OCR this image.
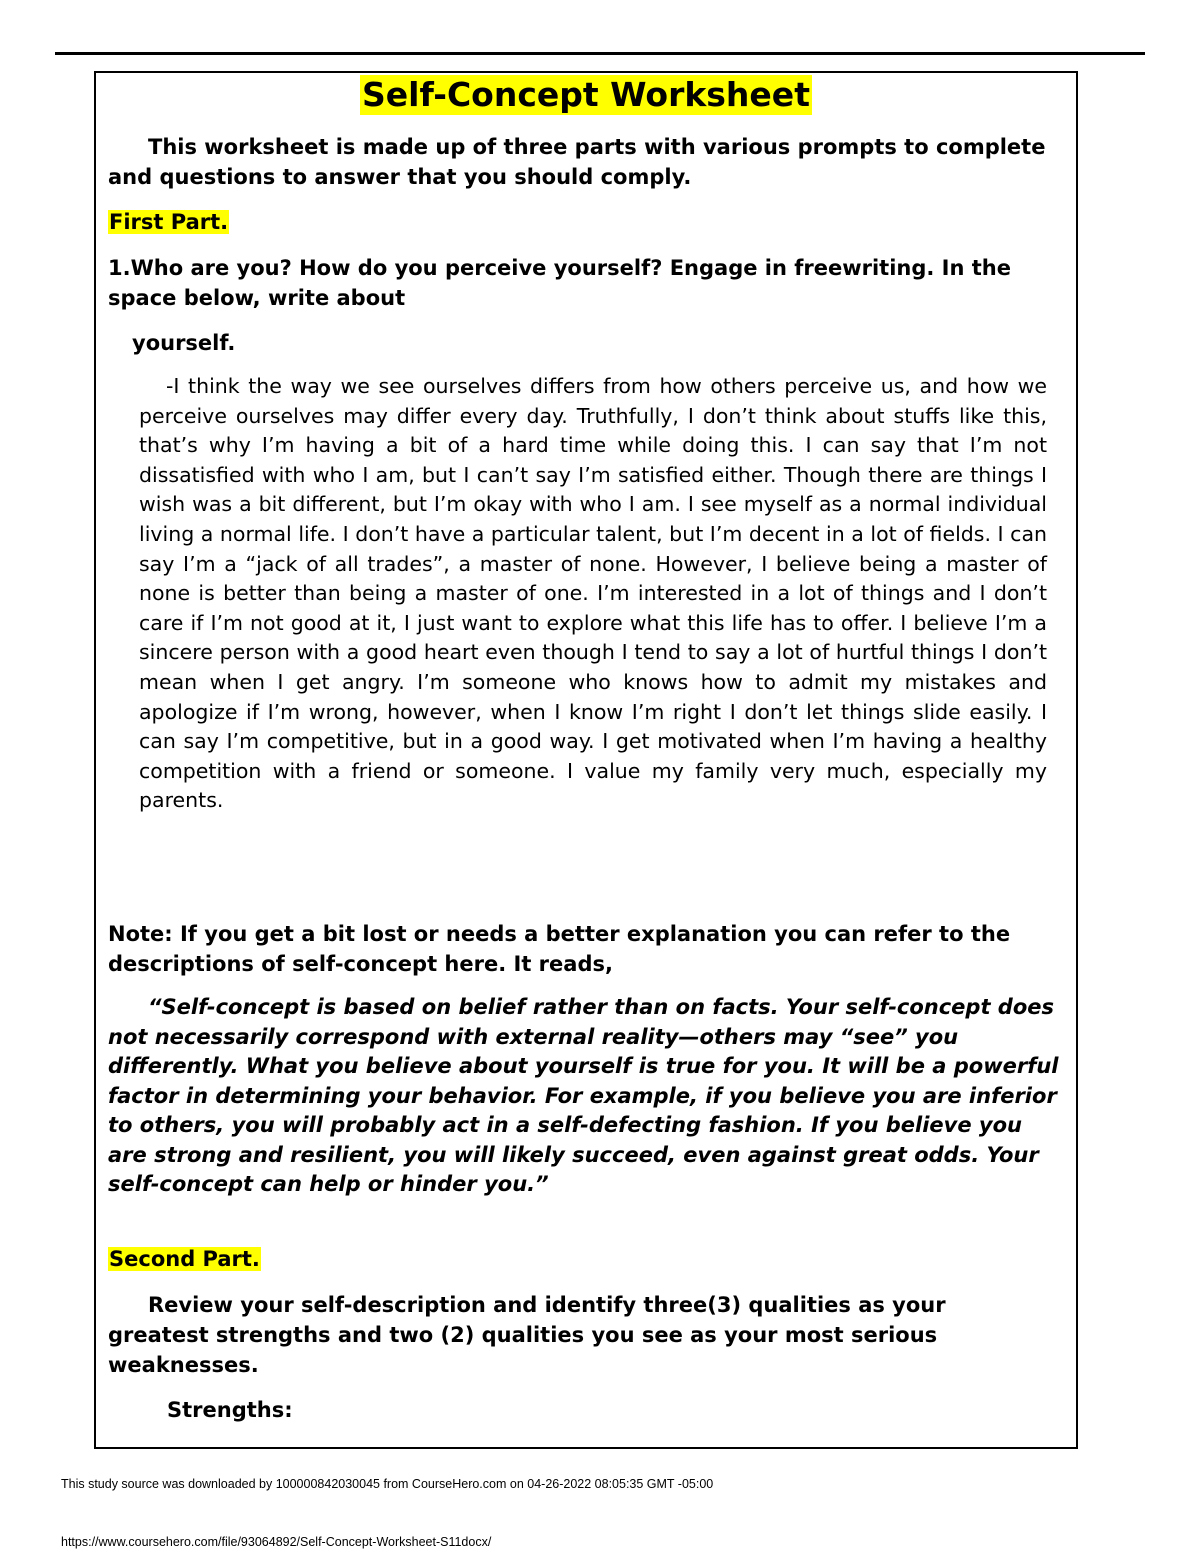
Self-Concept Worksheet

This worksheet is made up of three parts with various prompts to complete and questions to answer that you should comply.

First Part.

1.Who are you? How do you perceive yourself? Engage in freewriting. In the space below, write about

yourself.

-I think the way we see ourselves differs from how others perceive us, and how we perceive ourselves may differ every day. Truthfully, I don’t think about stuffs like this, that’s why I’m having a bit of a hard time while doing this. I can say that I’m not dissatisfied with who I am, but I can’t say I’m satisfied either. Though there are things I wish was a bit different, but I’m okay with who I am. I see myself as a normal individual living a normal life. I don’t have a particular talent, but I’m decent in a lot of fields. I can say I’m a “jack of all trades”, a master of none. However, I believe being a master of none is better than being a master of one. I’m interested in a lot of things and I don’t care if I’m not good at it, I just want to explore what this life has to offer. I believe I’m a sincere person with a good heart even though I tend to say a lot of hurtful things I don’t mean when I get angry. I’m someone who knows how to admit my mistakes and apologize if I’m wrong, however, when I know I’m right I don’t let things slide easily. I can say I’m competitive, but in a good way. I get motivated when I’m having a healthy competition with a friend or someone. I value my family very much, especially my parents.

Note: If you get a bit lost or needs a better explanation you can refer to the descriptions of self-concept here. It reads,

“Self-concept is based on belief rather than on facts. Your self-concept does not necessarily correspond with external reality—others may “see” you differently. What you believe about yourself is true for you. It will be a powerful factor in determining your behavior. For example, if you believe you are inferior to others, you will probably act in a self-defecting fashion. If you believe you are strong and resilient, you will likely succeed, even against great odds. Your self-concept can help or hinder you.”

Second Part.

Review your self-description and identify three(3) qualities as your greatest strengths and two (2) qualities you see as your most serious weaknesses.

Strengths:

This study source was downloaded by 100000842030045 from CourseHero.com on 04-26-2022 08:05:35 GMT -05:00
https://www.coursehero.com/file/93064892/Self-Concept-Worksheet-S11docx/
